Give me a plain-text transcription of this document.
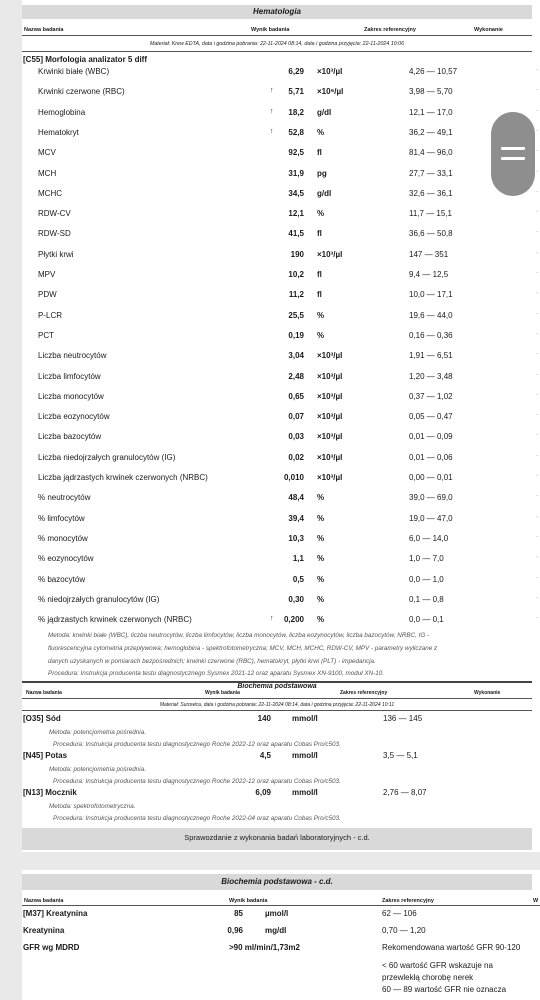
Hematologia
Nazwa badania	Wynik badania	Zakres referencyjny	Wykonanie
Materiał: Krew EDTA, data i godzina pobrania: 22-11-2024 08:14, data i godzina przyjęcia: 22-11-2024 10:06
[C55] Morfologia analizator 5 diff
Krwinki białe (WBC)	6,29 ×10³/µl	4,26 — 10,57	·
Krwinki czerwone (RBC)	↑	5,71 ×10⁶/µl	3,98 — 5,70	·
Hemoglobina	↑	18,2 g/dl	12,1 — 17,0	·
Hematokryt	↑	52,8 %	36,2 — 49,1	·
MCV	92,5 fl	81,4 — 96,0	·
MCH	31,9 pg	27,7 — 33,1	·
MCHC	34,5 g/dl	32,6 — 36,1	·
RDW-CV	12,1 %	11,7 — 15,1	·
RDW-SD	41,5 fl	36,6 — 50,8	·
Płytki krwi	190 ×10³/µl	147 — 351	·
MPV	10,2 fl	9,4 — 12,5	·
PDW	11,2 fl	10,0 — 17,1	·
P-LCR	25,5 %	19,6 — 44,0	·
PCT	0,19 %	0,16 — 0,36	·
Liczba neutrocytów	3,04 ×10³/µl	1,91 — 6,51	·
Liczba limfocytów	2,48 ×10³/µl	1,20 — 3,48	·
Liczba monocytów	0,65 ×10³/µl	0,37 — 1,02	·
Liczba eozynocytów	0,07 ×10³/µl	0,05 — 0,47	·
Liczba bazocytów	0,03 ×10³/µl	0,01 — 0,09	·
Liczba niedojrzałych granulocytów (IG)	0,02 ×10³/µl	0,01 — 0,06	·
Liczba jądrzastych krwinek czerwonych (NRBC)	0,010 ×10³/µl	0,00 — 0,01	·
% neutrocytów	48,4 %	39,0 — 69,0	·
% limfocytów	39,4 %	19,0 — 47,0	·
% monocytów	10,3 %	6,0 — 14,0	·
% eozynocytów	1,1 %	1,0 — 7,0	·
% bazocytów	0,5 %	0,0 — 1,0	·
% niedojrzałych granulocytów (IG)	0,30 %	0,1 — 0,8	·
% jądrzastych krwinek czerwonych (NRBC)	↑	0,200 %	0,0 — 0,1	·
Metoda: krwinki białe (WBC), liczba neutrocytów, liczba limfocytów, liczba monocytów, liczba eozynocytów, liczba bazocytów, NRBC, IG -
fluorescencyjna cytometria przepływowa; hemoglobina - spektrofotometryczna; MCV, MCH, MCHC, RDW-CV, MPV - parametry wyliczane z
danych uzyskanych w pomiarach bezpośrednich; krwinki czerwone (RBC), hematokryt, płytki krwi (PLT) - impedancja.
Procedura: Instrukcja producenta testu diagnostycznego Sysmex 2021-12 oraz aparatu Sysmex XN-9100, moduł XN-10.
Biochemia podstawowa
Nazwa badania	Wynik badania	Zakres referencyjny	Wykonanie
Materiał: Surowica, data i godzina pobrania: 22-11-2024 08:14, data i godzina przyjęcia: 22-11-2024 10:11
[O35] Sód	140	mmol/l	136 — 145
Metoda: potencjometria pośrednia.
Procedura: Instrukcja producenta testu diagnostycznego Roche 2022-12 oraz aparatu Cobas Pro/c503.
[N45] Potas	4,5	mmol/l	3,5 — 5,1
Metoda: potencjometria pośrednia.
Procedura: Instrukcja producenta testu diagnostycznego Roche 2022-12 oraz aparatu Cobas Pro/c503.
[N13] Mocznik	6,09	mmol/l	2,76 — 8,07
Metoda: spektrofotometryczna.
Procedura: Instrukcja producenta testu diagnostycznego Roche 2022-04 oraz aparatu Cobas Pro/c503.
Sprawozdanie z wykonania badań laboratoryjnych - c.d.
Biochemia podstawowa - c.d.
Nazwa badania	Wynik badania	Zakres referencyjny	W
[M37] Kreatynina	85	µmol/l	62 — 106
Kreatynina	0,96	mg/dl	0,70 — 1,20
GFR wg MDRD	>90 ml/min/1,73m2	Rekomendowana wartość GFR 90-120
< 60 wartość GFR wskazuje na
przewlekłą chorobę nerek
60 — 89 wartość GFR nie oznacza
